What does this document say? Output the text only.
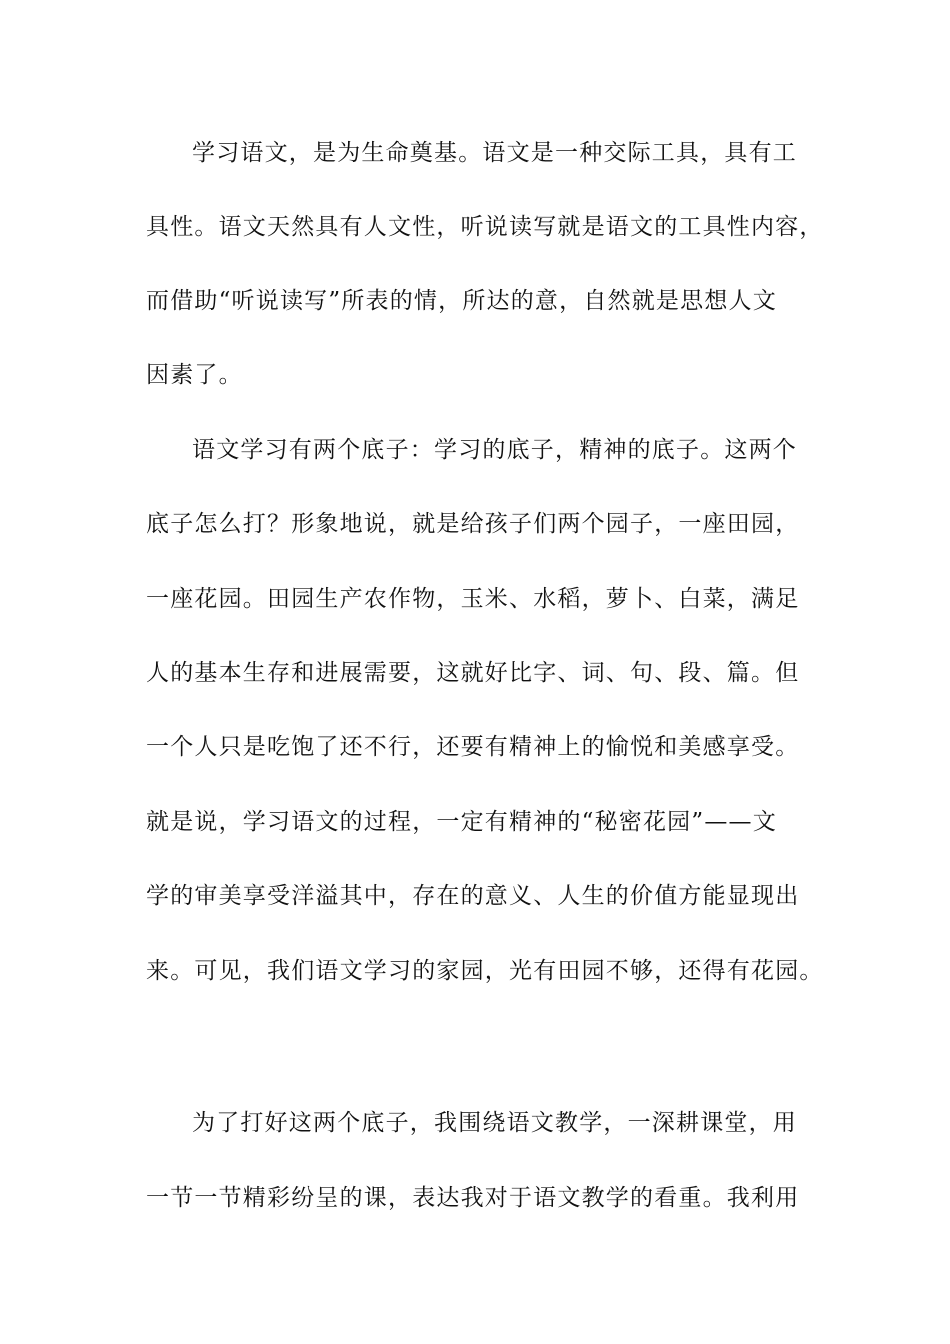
学习语文，是为生命奠基。语文是一种交际工具，具有工
具性。语文天然具有人文性，听说读写就是语文的工具性内容，
而借助“听说读写”所表的情，所达的意，自然就是思想人文
因素了。
语文学习有两个底子：学习的底子，精神的底子。这两个
底子怎么打？形象地说，就是给孩子们两个园子，一座田园，
一座花园。田园生产农作物，玉米、水稻，萝卜、白菜，满足
人的基本生存和进展需要，这就好比字、词、句、段、篇。但
一个人只是吃饱了还不行，还要有精神上的愉悦和美感享受。
就是说，学习语文的过程，一定有精神的“秘密花园”——文
学的审美享受洋溢其中，存在的意义、人生的价值方能显现出
来。可见，我们语文学习的家园，光有田园不够，还得有花园。
为了打好这两个底子，我围绕语文教学，一深耕课堂，用
一节一节精彩纷呈的课，表达我对于语文教学的看重。我利用
